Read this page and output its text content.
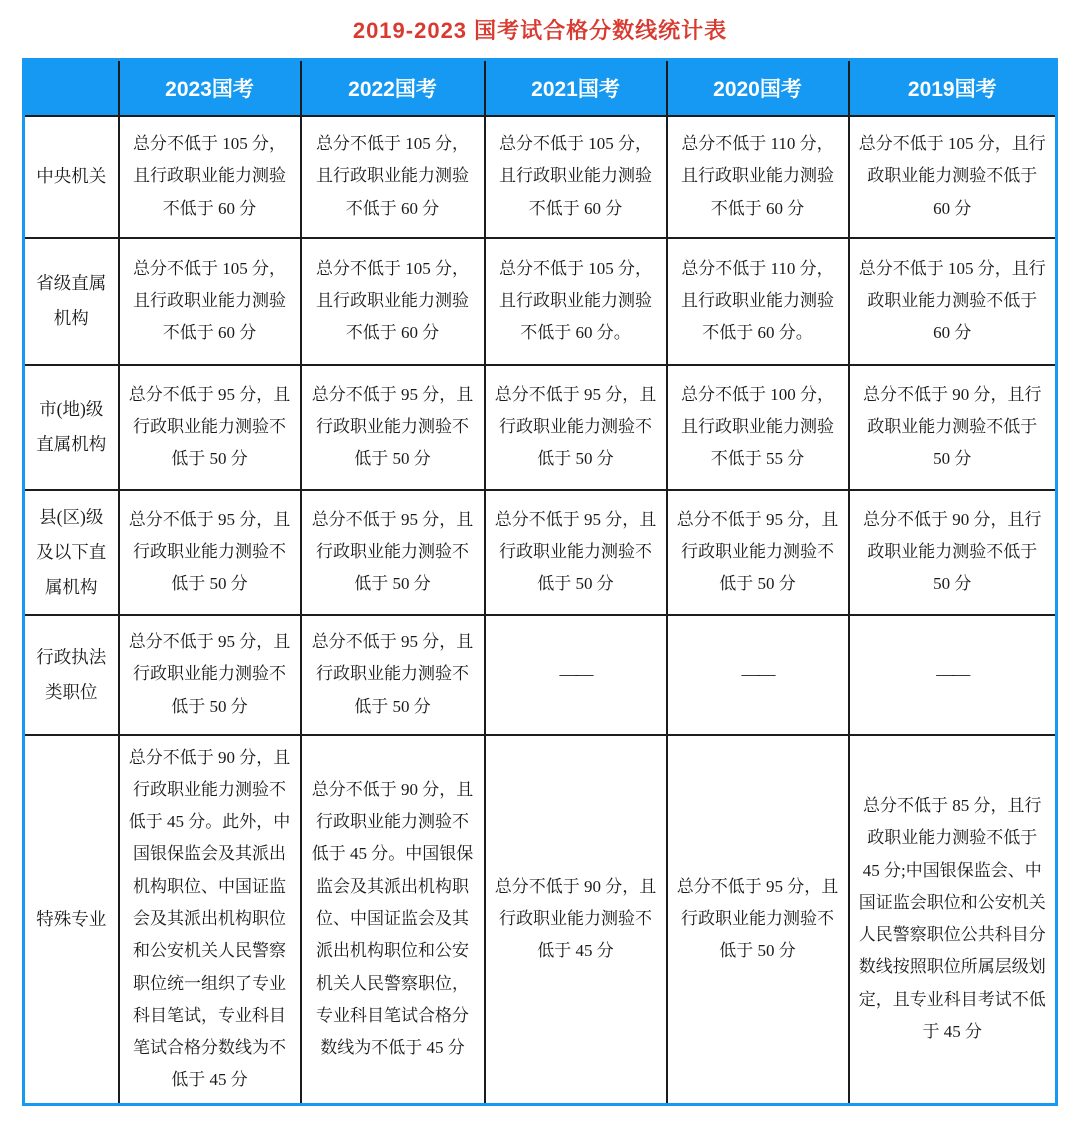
2019-2023 国考试合格分数线统计表
	2023国考	2022国考	2021国考	2020国考	2019国考
中央机关	总分不低于 105 分，且行政职业能力测验不低于 60 分	总分不低于 105 分，且行政职业能力测验不低于 60 分	总分不低于 105 分，且行政职业能力测验不低于 60 分	总分不低于 110 分，且行政职业能力测验不低于 60 分	总分不低于 105 分，且行政职业能力测验不低于 60 分
省级直属机构	总分不低于 105 分，且行政职业能力测验不低于 60 分	总分不低于 105 分，且行政职业能力测验不低于 60 分	总分不低于 105 分，且行政职业能力测验不低于 60 分。	总分不低于 110 分，且行政职业能力测验不低于 60 分。	总分不低于 105 分，且行政职业能力测验不低于 60 分
市(地)级直属机构	总分不低于 95 分，且行政职业能力测验不低于 50 分	总分不低于 95 分，且行政职业能力测验不低于 50 分	总分不低于 95 分，且行政职业能力测验不低于 50 分	总分不低于 100 分，且行政职业能力测验不低于 55 分	总分不低于 90 分，且行政职业能力测验不低于 50 分
县(区)级及以下直属机构	总分不低于 95 分，且行政职业能力测验不低于 50 分	总分不低于 95 分，且行政职业能力测验不低于 50 分	总分不低于 95 分，且行政职业能力测验不低于 50 分	总分不低于 95 分，且行政职业能力测验不低于 50 分	总分不低于 90 分，且行政职业能力测验不低于 50 分
行政执法类职位	总分不低于 95 分，且行政职业能力测验不低于 50 分	总分不低于 95 分，且行政职业能力测验不低于 50 分	——	——	——
特殊专业	总分不低于 90 分，且行政职业能力测验不低于 45 分。此外，中国银保监会及其派出机构职位、中国证监会及其派出机构职位和公安机关人民警察职位统一组织了专业科目笔试，专业科目笔试合格分数线为不低于 45 分	总分不低于 90 分，且行政职业能力测验不低于 45 分。中国银保监会及其派出机构职位、中国证监会及其派出机构职位和公安机关人民警察职位，专业科目笔试合格分数线为不低于 45 分	总分不低于 90 分，且行政职业能力测验不低于 45 分	总分不低于 95 分，且行政职业能力测验不低于 50 分	总分不低于 85 分，且行政职业能力测验不低于 45 分;中国银保监会、中国证监会职位和公安机关人民警察职位公共科目分数线按照职位所属层级划定，且专业科目考试不低于 45 分
